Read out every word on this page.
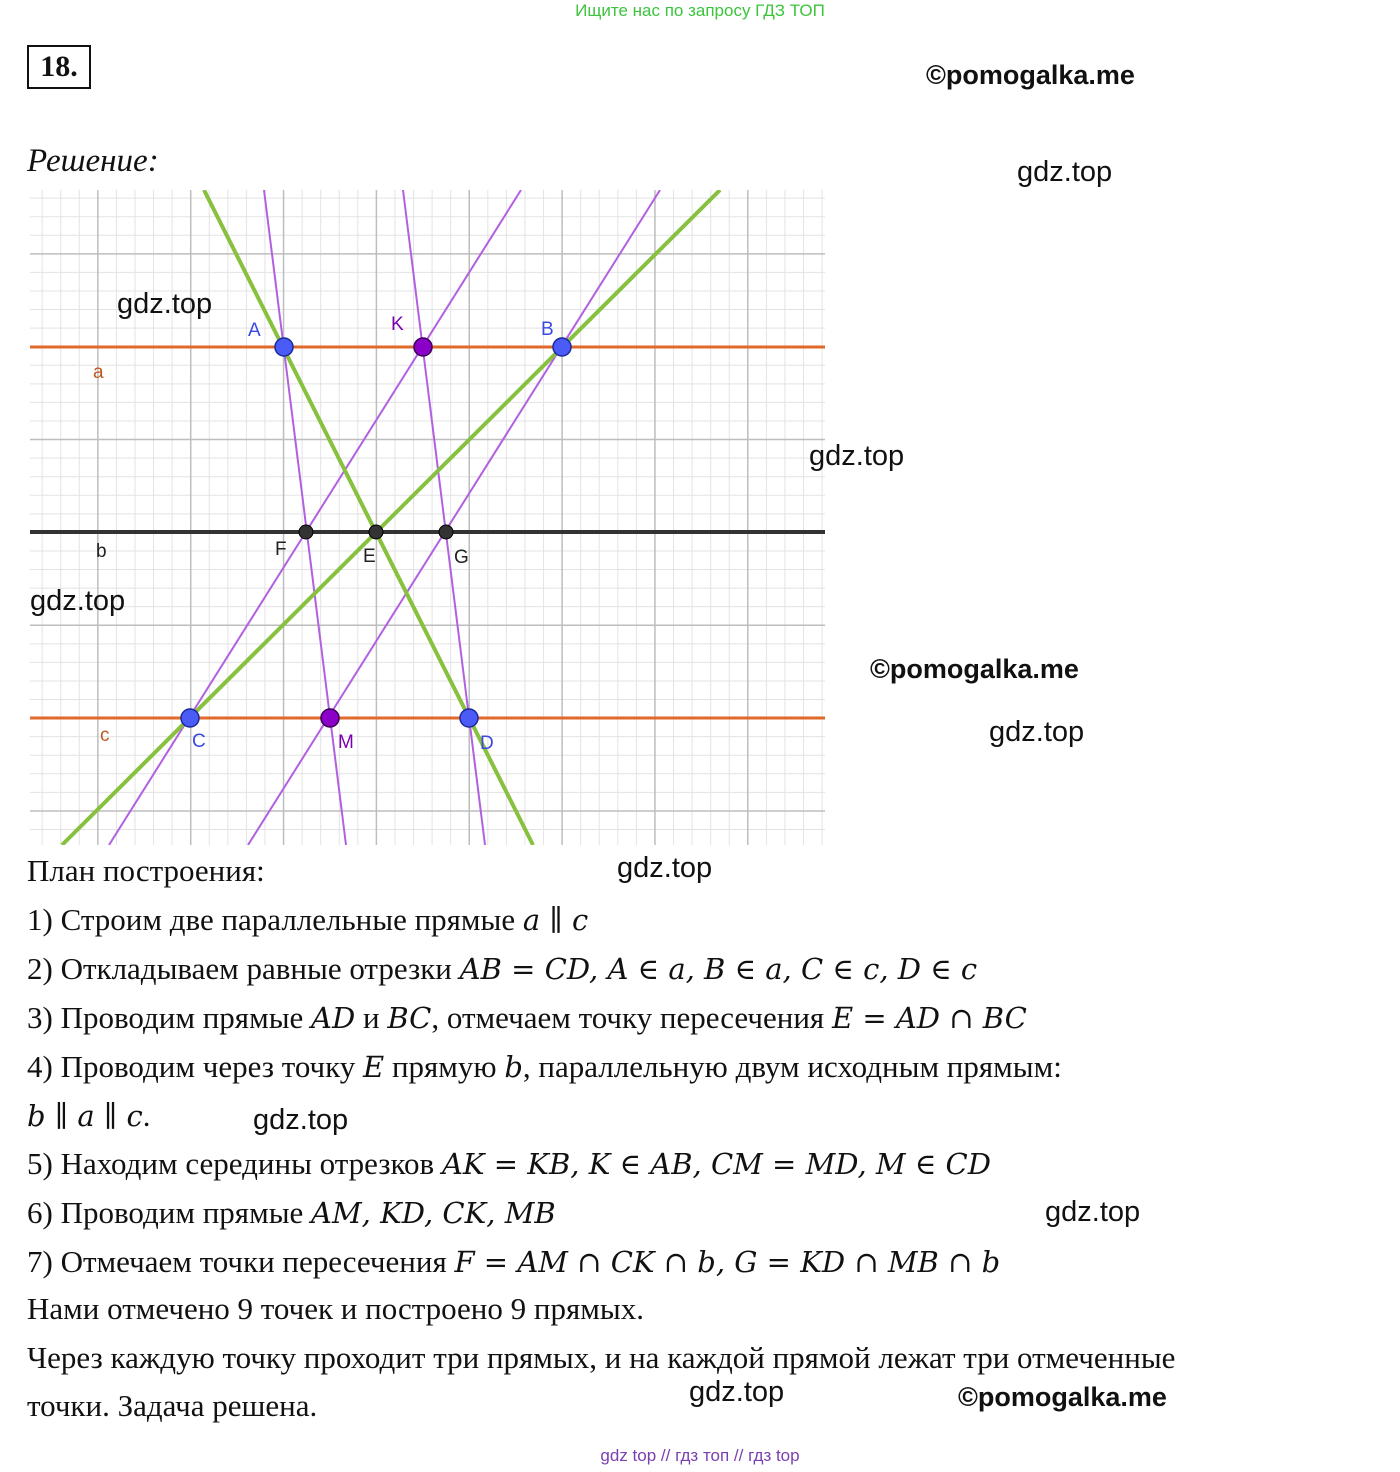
Ищите нас по запросу ГДЗ ТОП
18.	©pomogalka.me
gdz.top
Решение:
a
b
c
A	K	B
F	E	G
C	M	D
gdz.top
gdz.top
gdz.top
©pomogalka.me
gdz.top
План построения:	gdz.top
1) Строим две параллельные прямые a ∥ c
2) Откладываем равные отрезки AB = CD, A ∈ a, B ∈ a, C ∈ c, D ∈ c
3) Проводим прямые AD и BC, отмечаем точку пересечения E = AD ∩ BC
4) Проводим через точку E прямую b, параллельную двум исходным прямым:
b ∥ a ∥ c.	gdz.top
5) Находим середины отрезков AK = KB, K ∈ AB, CM = MD, M ∈ CD
6) Проводим прямые AM, KD, CK, MB	gdz.top
7) Отмечаем точки пересечения F = AM ∩ CK ∩ b, G = KD ∩ MB ∩ b
Нами отмечено 9 точек и построено 9 прямых.
Через каждую точку проходит три прямых, и на каждой прямой лежат три отмеченные
точки. Задача решена.	gdz.top	©pomogalka.me
gdz top // гдз топ // гдз top
